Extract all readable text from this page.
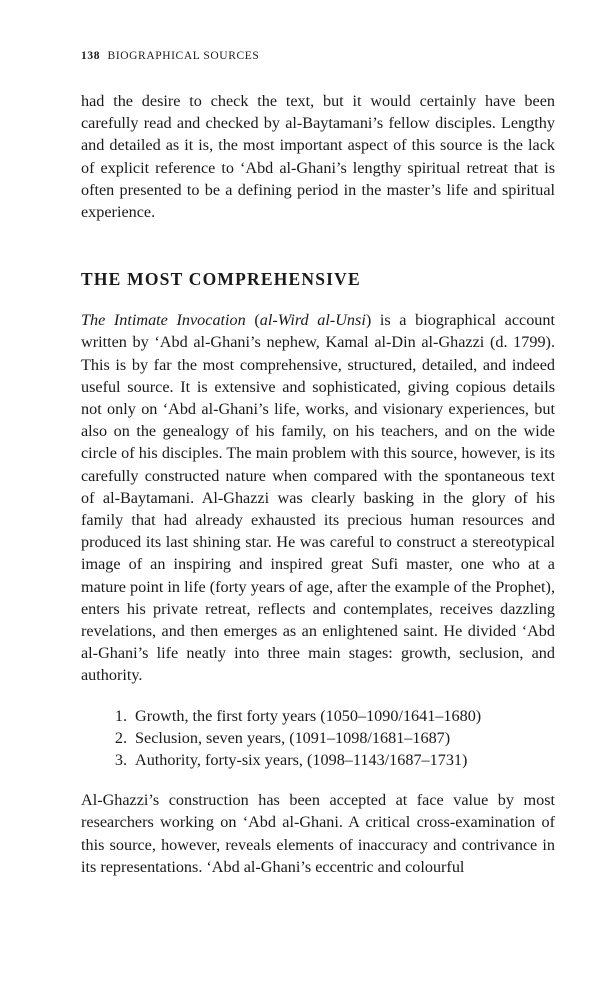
138 BIOGRAPHICAL SOURCES

had the desire to check the text, but it would certainly have been carefully read and checked by al-Baytamani’s fellow disciples. Lengthy and detailed as it is, the most important aspect of this source is the lack of explicit reference to ‘Abd al-Ghani’s lengthy spiritual retreat that is often presented to be a defining period in the master’s life and spiritual experience.

THE MOST COMPREHENSIVE

The Intimate Invocation (al-Wird al-Unsi) is a biographical account written by ‘Abd al-Ghani’s nephew, Kamal al-Din al-Ghazzi (d. 1799). This is by far the most comprehensive, structured, detailed, and indeed useful source. It is extensive and sophisticated, giving copious details not only on ‘Abd al-Ghani’s life, works, and visionary experiences, but also on the genealogy of his family, on his teachers, and on the wide circle of his disciples. The main problem with this source, however, is its carefully constructed nature when compared with the spontaneous text of al-Baytamani. Al-Ghazzi was clearly basking in the glory of his family that had already exhausted its precious human resources and produced its last shining star. He was careful to construct a stereotypical image of an inspiring and inspired great Sufi master, one who at a mature point in life (forty years of age, after the example of the Prophet), enters his private retreat, reflects and contemplates, receives dazzling revelations, and then emerges as an enlightened saint. He divided ‘Abd al-Ghani’s life neatly into three main stages: growth, seclusion, and authority.

1. Growth, the first forty years (1050–1090/1641–1680)
2. Seclusion, seven years, (1091–1098/1681–1687)
3. Authority, forty-six years, (1098–1143/1687–1731)

Al-Ghazzi’s construction has been accepted at face value by most researchers working on ‘Abd al-Ghani. A critical cross-examination of this source, however, reveals elements of inaccuracy and contrivance in its representations. ‘Abd al-Ghani’s eccentric and colourful
